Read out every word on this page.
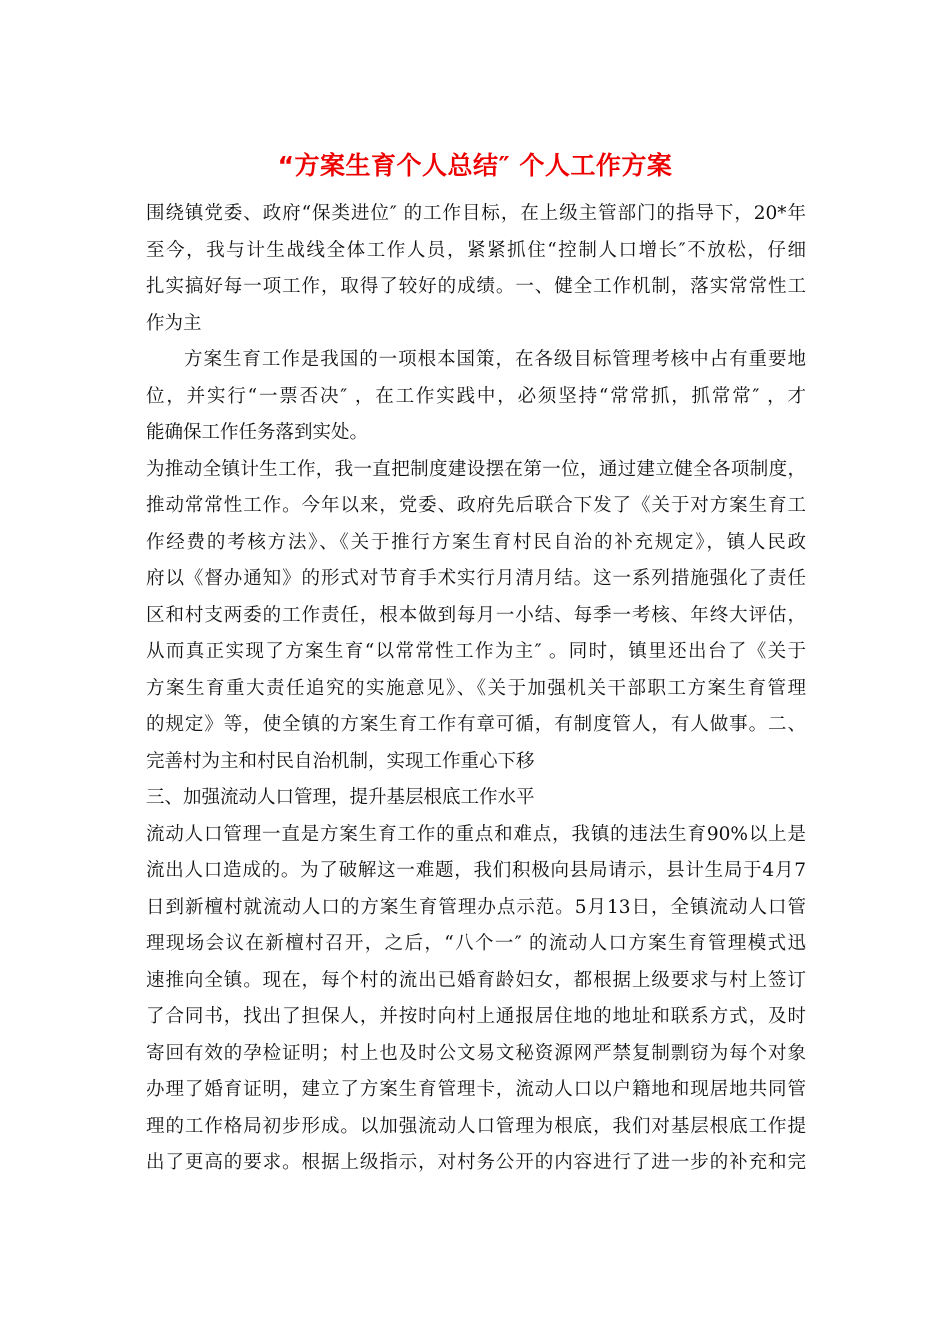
“方案生育个人总结″ 个人工作方案
围绕镇党委、政府“保类进位″ 的工作目标，在上级主管部门的指导下，20*年
至今，我与计生战线全体工作人员，紧紧抓住“控制人口增长″不放松，仔细
扎实搞好每一项工作，取得了较好的成绩。一、健全工作机制，落实常常性工
作为主
方案生育工作是我国的一项根本国策，在各级目标管理考核中占有重要地
位，并实行“一票否决″ ，在工作实践中，必须坚持“常常抓，抓常常″ ，才
能确保工作任务落到实处。
为推动全镇计生工作，我一直把制度建设摆在第一位，通过建立健全各项制度，
推动常常性工作。今年以来，党委、政府先后联合下发了《关于对方案生育工
作经费的考核方法》、《关于推行方案生育村民自治的补充规定》，镇人民政
府以《督办通知》的形式对节育手术实行月清月结。这一系列措施强化了责任
区和村支两委的工作责任，根本做到每月一小结、每季一考核、年终大评估，
从而真正实现了方案生育“以常常性工作为主″ 。同时，镇里还出台了《关于
方案生育重大责任追究的实施意见》、《关于加强机关干部职工方案生育管理
的规定》等，使全镇的方案生育工作有章可循，有制度管人，有人做事。二、
完善村为主和村民自治机制，实现工作重心下移
三、加强流动人口管理，提升基层根底工作水平
流动人口管理一直是方案生育工作的重点和难点，我镇的违法生育90%以上是
流出人口造成的。为了破解这一难题，我们积极向县局请示，县计生局于4月7
日到新檀村就流动人口的方案生育管理办点示范。5月13日，全镇流动人口管
理现场会议在新檀村召开，之后，“八个一″ 的流动人口方案生育管理模式迅
速推向全镇。现在，每个村的流出已婚育龄妇女，都根据上级要求与村上签订
了合同书，找出了担保人，并按时向村上通报居住地的地址和联系方式，及时
寄回有效的孕检证明；村上也及时公文易文秘资源网严禁复制剽窃为每个对象
办理了婚育证明，建立了方案生育管理卡，流动人口以户籍地和现居地共同管
理的工作格局初步形成。以加强流动人口管理为根底，我们对基层根底工作提
出了更高的要求。根据上级指示，对村务公开的内容进行了进一步的补充和完
